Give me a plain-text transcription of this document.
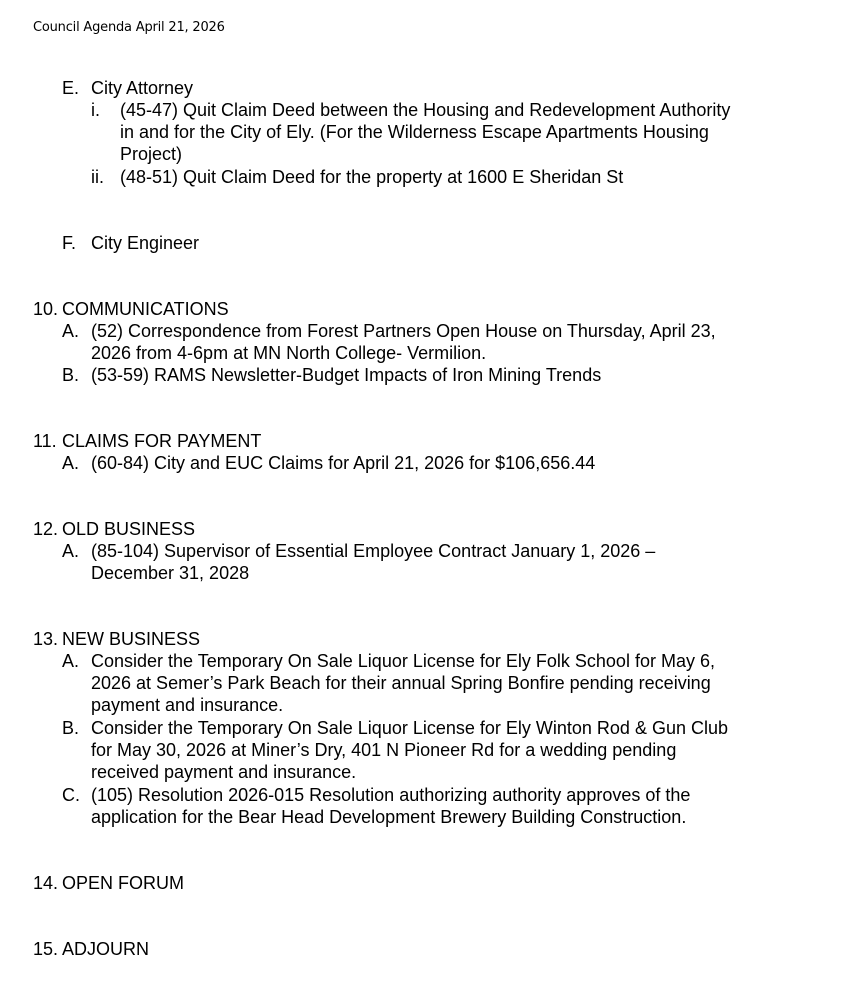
Council Agenda April 21, 2026
E. City Attorney
i. (45-47) Quit Claim Deed between the Housing and Redevelopment Authority
in and for the City of Ely. (For the Wilderness Escape Apartments Housing
Project)
ii. (48-51) Quit Claim Deed for the property at 1600 E Sheridan St
F. City Engineer
10. COMMUNICATIONS
A. (52) Correspondence from Forest Partners Open House on Thursday, April 23,
2026 from 4-6pm at MN North College- Vermilion.
B. (53-59) RAMS Newsletter-Budget Impacts of Iron Mining Trends
11. CLAIMS FOR PAYMENT
A. (60-84) City and EUC Claims for April 21, 2026 for $106,656.44
12. OLD BUSINESS
A. (85-104) Supervisor of Essential Employee Contract January 1, 2026 –
December 31, 2028
13. NEW BUSINESS
A. Consider the Temporary On Sale Liquor License for Ely Folk School for May 6,
2026 at Semer’s Park Beach for their annual Spring Bonfire pending receiving
payment and insurance.
B. Consider the Temporary On Sale Liquor License for Ely Winton Rod & Gun Club
for May 30, 2026 at Miner’s Dry, 401 N Pioneer Rd for a wedding pending
received payment and insurance.
C. (105) Resolution 2026-015 Resolution authorizing authority approves of the
application for the Bear Head Development Brewery Building Construction.
14. OPEN FORUM
15. ADJOURN
